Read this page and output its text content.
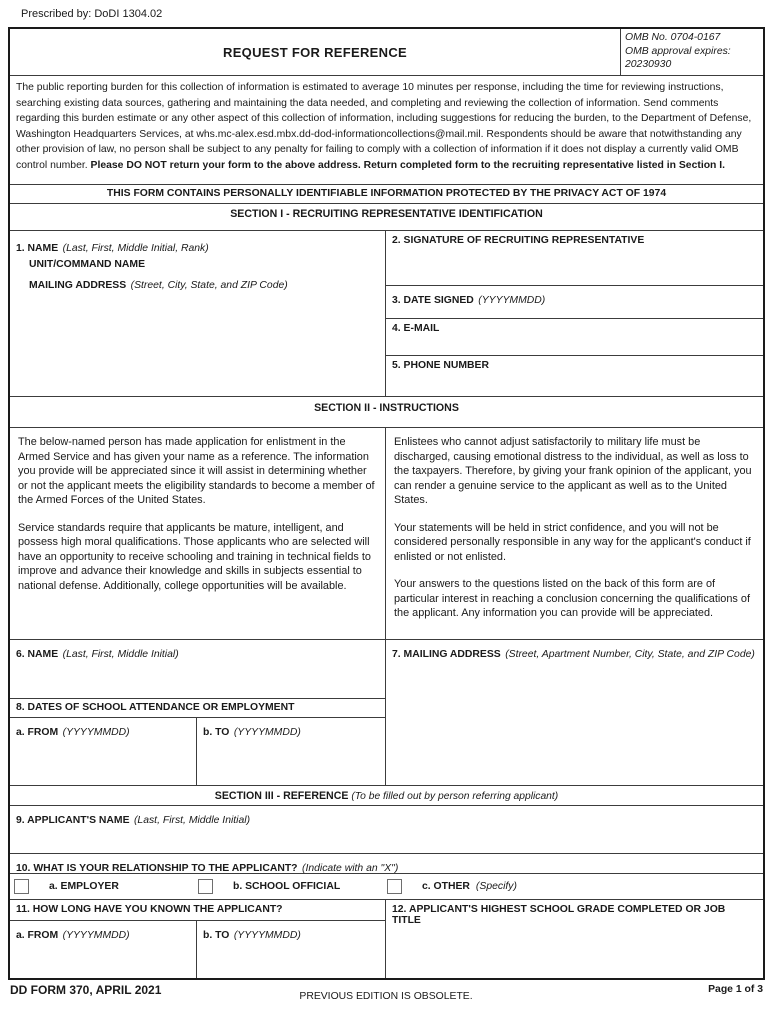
Prescribed by: DoDI 1304.02
REQUEST FOR REFERENCE
OMB No. 0704-0167
OMB approval expires:
20230930
The public reporting burden for this collection of information is estimated to average 10 minutes per response, including the time for reviewing instructions, searching existing data sources, gathering and maintaining the data needed, and completing and reviewing the collection of information. Send comments regarding this burden estimate or any other aspect of this collection of information, including suggestions for reducing the burden, to the Department of Defense, Washington Headquarters Services, at whs.mc-alex.esd.mbx.dd-dod-informationcollections@mail.mil. Respondents should be aware that notwithstanding any other provision of law, no person shall be subject to any penalty for failing to comply with a collection of information if it does not display a currently valid OMB control number. Please DO NOT return your form to the above address. Return completed form to the recruiting representative listed in Section I.
THIS FORM CONTAINS PERSONALLY IDENTIFIABLE INFORMATION PROTECTED BY THE PRIVACY ACT OF 1974
SECTION I - RECRUITING REPRESENTATIVE IDENTIFICATION
1. NAME (Last, First, Middle Initial, Rank)
UNIT/COMMAND NAME
MAILING ADDRESS (Street, City, State, and ZIP Code)
2. SIGNATURE OF RECRUITING REPRESENTATIVE
3. DATE SIGNED (YYYYMMDD)
4. E-MAIL
5. PHONE NUMBER
SECTION II - INSTRUCTIONS

The below-named person has made application for enlistment in the Armed Service and has given your name as a reference. The information you provide will be appreciated since it will assist in determining whether or not the applicant meets the eligibility standards to become a member of the Armed Forces of the United States.

Service standards require that applicants be mature, intelligent, and possess high moral qualifications. Those applicants who are selected will have an opportunity to receive schooling and training in technical fields to improve and advance their knowledge and skills in subjects essential to national defense. Additionally, college opportunities will be available.

Enlistees who cannot adjust satisfactorily to military life must be discharged, causing emotional distress to the individual, as well as loss to the taxpayers. Therefore, by giving your frank opinion of the applicant, you can render a genuine service to the applicant as well as to the United States.

Your statements will be held in strict confidence, and you will not be considered personally responsible in any way for the applicant's conduct if enlisted or not enlisted.

Your answers to the questions listed on the back of this form are of particular interest in reaching a conclusion concerning the qualifications of the applicant. Any information you can provide will be appreciated.

6. NAME (Last, First, Middle Initial)
8. DATES OF SCHOOL ATTENDANCE OR EMPLOYMENT
a. FROM (YYYYMMDD)	b. TO (YYYYMMDD)
7. MAILING ADDRESS (Street, Apartment Number, City, State, and ZIP Code)
SECTION III - REFERENCE (To be filled out by person referring applicant)
9. APPLICANT'S NAME (Last, First, Middle Initial)
10. WHAT IS YOUR RELATIONSHIP TO THE APPLICANT? (Indicate with an "X")
a. EMPLOYER	b. SCHOOL OFFICIAL	c. OTHER (Specify)
11. HOW LONG HAVE YOU KNOWN THE APPLICANT?
a. FROM (YYYYMMDD)	b. TO (YYYYMMDD)
12. APPLICANT'S HIGHEST SCHOOL GRADE COMPLETED OR JOB TITLE
DD FORM 370, APRIL 2021	PREVIOUS EDITION IS OBSOLETE.
Page 1 of 3
